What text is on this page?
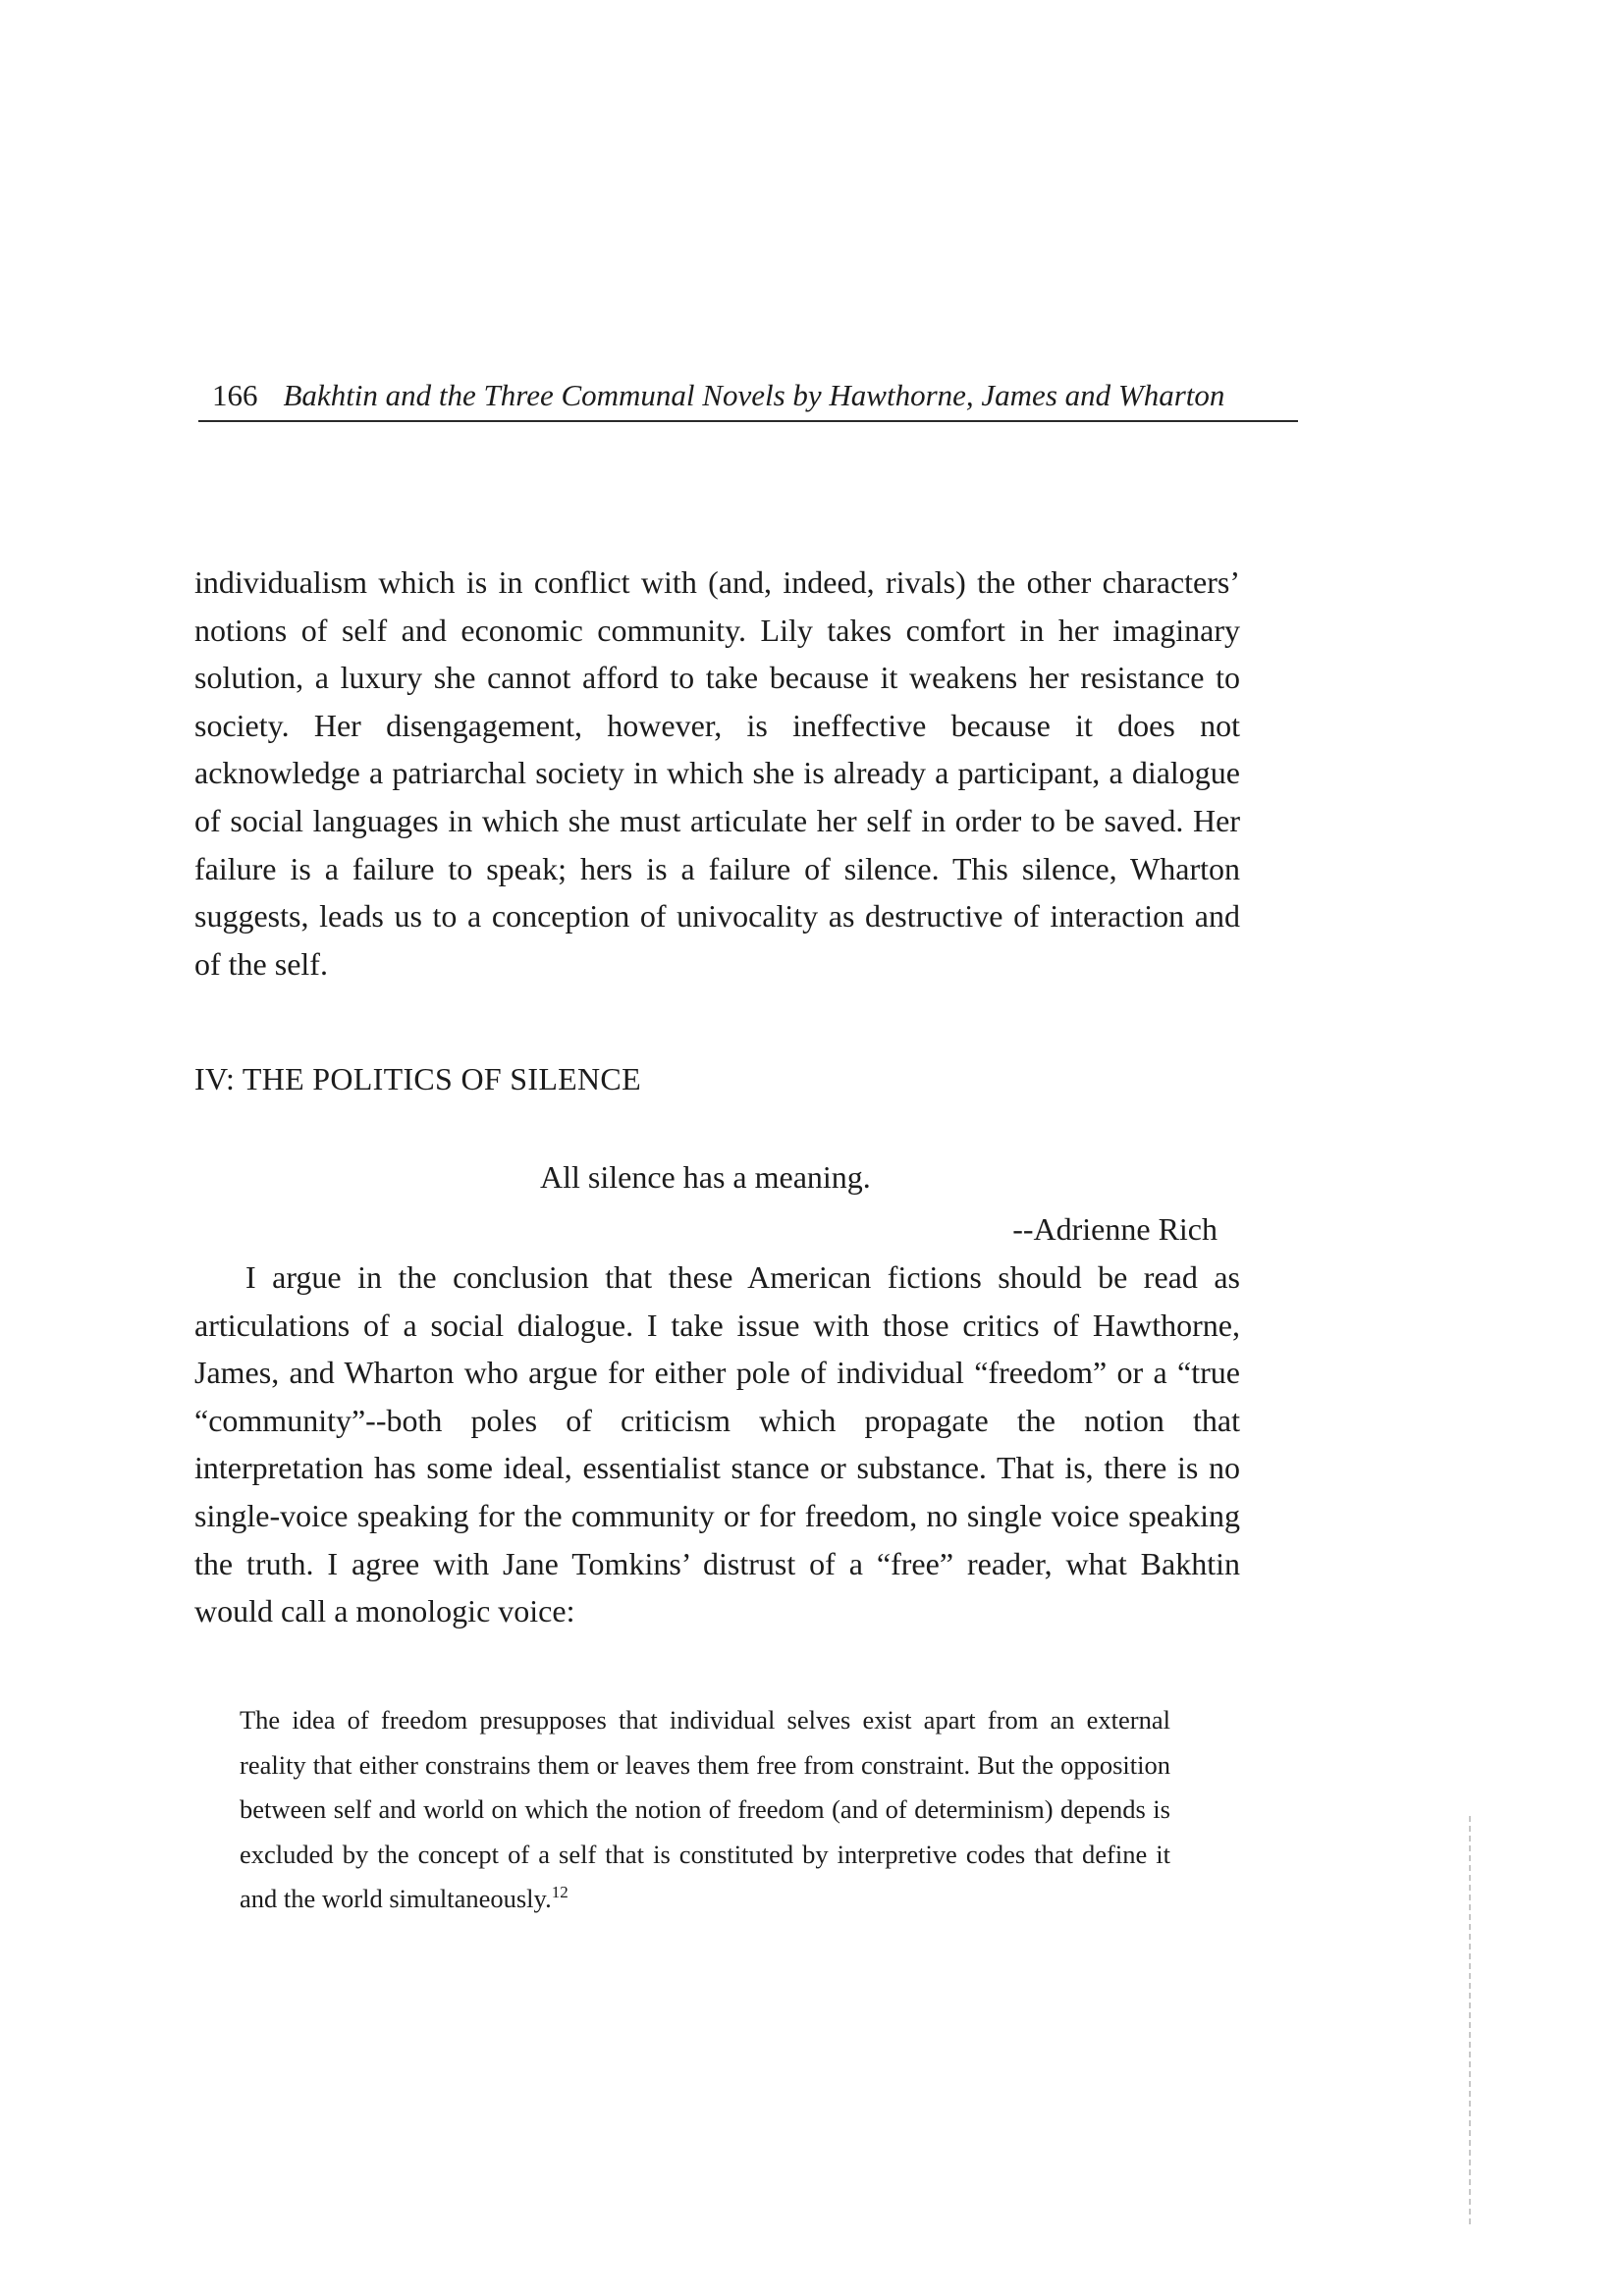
166 Bakhtin and the Three Communal Novels by Hawthorne, James and Wharton

individualism which is in conflict with (and, indeed, rivals) the other characters’ notions of self and economic community. Lily takes comfort in her imaginary solution, a luxury she cannot afford to take because it weakens her resistance to society. Her disengagement, however, is ineffective because it does not acknowledge a patriarchal society in which she is already a participant, a dialogue of social languages in which she must articulate her self in order to be saved. Her failure is a failure to speak; hers is a failure of silence. This silence, Wharton suggests, leads us to a conception of univocality as destructive of interaction and of the self.

IV: THE POLITICS OF SILENCE
All silence has a meaning.
--Adrienne Rich

I argue in the conclusion that these American fictions should be read as articulations of a social dialogue. I take issue with those critics of Hawthorne, James, and Wharton who argue for either pole of individual “freedom” or a “true “community”--both poles of criticism which propagate the notion that interpretation has some ideal, essentialist stance or substance. That is, there is no single-voice speaking for the community or for freedom, no single voice speaking the truth. I agree with Jane Tomkins’ distrust of a “free” reader, what Bakhtin would call a monologic voice:

The idea of freedom presupposes that individual selves exist apart from an external reality that either constrains them or leaves them free from constraint. But the opposition between self and world on which the notion of freedom (and of determinism) depends is excluded by the concept of a self that is constituted by interpretive codes that define it and the world simultaneously.$^{12}$
